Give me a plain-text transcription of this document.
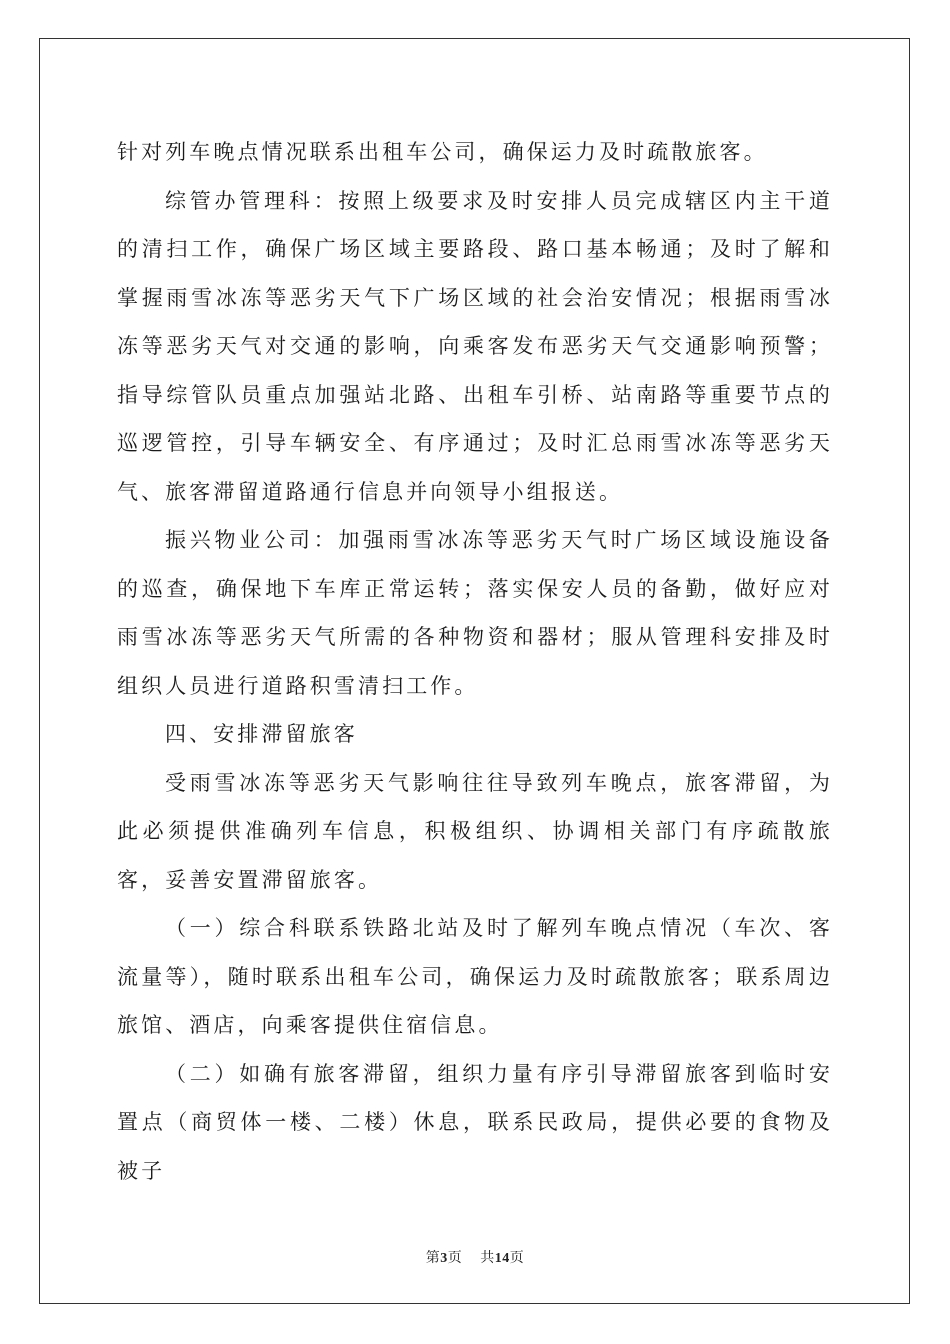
针对列车晚点情况联系出租车公司，确保运力及时疏散旅客。

综管办管理科：按照上级要求及时安排人员完成辖区内主干道的清扫工作，确保广场区域主要路段、路口基本畅通；及时了解和掌握雨雪冰冻等恶劣天气下广场区域的社会治安情况；根据雨雪冰冻等恶劣天气对交通的影响，向乘客发布恶劣天气交通影响预警；指导综管队员重点加强站北路、出租车引桥、站南路等重要节点的巡逻管控，引导车辆安全、有序通过；及时汇总雨雪冰冻等恶劣天气、旅客滞留道路通行信息并向领导小组报送。

振兴物业公司：加强雨雪冰冻等恶劣天气时广场区域设施设备的巡查，确保地下车库正常运转；落实保安人员的备勤，做好应对雨雪冰冻等恶劣天气所需的各种物资和器材；服从管理科安排及时组织人员进行道路积雪清扫工作。

四、安排滞留旅客

受雨雪冰冻等恶劣天气影响往往导致列车晚点，旅客滞留，为此必须提供准确列车信息，积极组织、协调相关部门有序疏散旅客，妥善安置滞留旅客。

（一）综合科联系铁路北站及时了解列车晚点情况（车次、客流量等），随时联系出租车公司，确保运力及时疏散旅客；联系周边旅馆、酒店，向乘客提供住宿信息。

（二）如确有旅客滞留，组织力量有序引导滞留旅客到临时安置点（商贸体一楼、二楼）休息，联系民政局，提供必要的食物及被子

第3页 共14页
